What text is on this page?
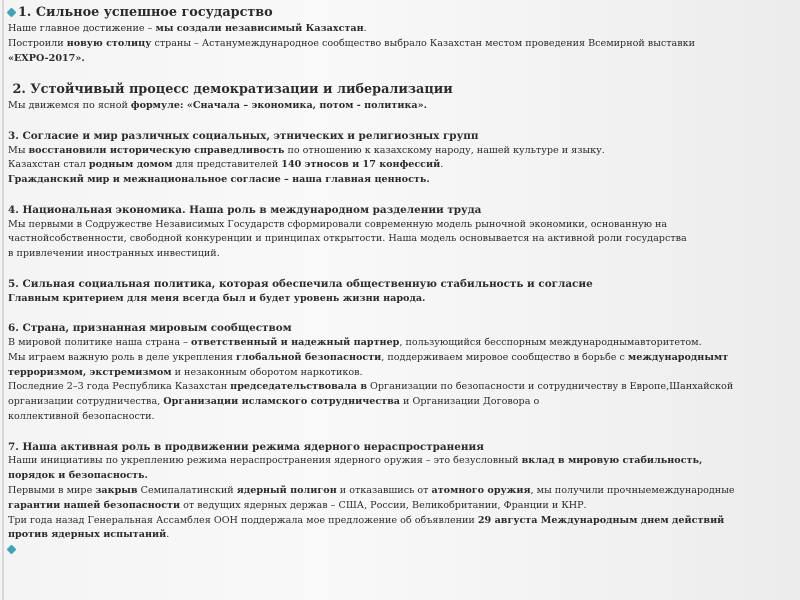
1. Сильное успешное государство
Наше главное достижение – мы создали независимый Казахстан.
Построили новую столицу страны – Астанумеждународное сообщество выбрало Казахстан местом проведения Всемирной выставки
«EXPO-2017».
2. Устойчивый процесс демократизации и либерализации
Мы движемся по ясной формуле: «Сначала – экономика, потом - политика».
3. Согласие и мир различных социальных, этнических и религиозных групп
Мы восстановили историческую справедливость по отношению к казахскому народу, нашей культуре и языку.
Казахстан стал родным домом для представителей 140 этносов и 17 конфессий.
Гражданский мир и межнациональное согласие – наша главная ценность.
4. Национальная экономика. Наша роль в международном разделении труда
Мы первыми в Содружестве Независимых Государств сформировали современную модель рыночной экономики, основанную на
частнойсобственности, свободной конкуренции и принципах открытости. Наша модель основывается на активной роли государства
в привлечении иностранных инвестиций.
5. Сильная социальная политика, которая обеспечила общественную стабильность и согласие
Главным критерием для меня всегда был и будет уровень жизни народа.
6. Страна, признанная мировым сообществом
В мировой политике наша страна – ответственный и надежный партнер, пользующийся бесспорным международнымавторитетом.
Мы играем важную роль в деле укрепления глобальной безопасности, поддерживаем мировое сообщество в борьбе с международнымт
терроризмом, экстремизмом и незаконным оборотом наркотиков.
Последние 2–3 года Республика Казахстан председательствовала в Организации по безопасности и сотрудничеству в Европе,Шанхайской
организации сотрудничества, Организации исламского сотрудничества и Организации Договора о
коллективной безопасности.
7. Наша активная роль в продвижении режима ядерного нераспространения
Наши инициативы по укреплению режима нераспространения ядерного оружия – это безусловный вклад в мировую стабильность,
порядок и безопасность.
Первыми в мире закрыв Семипалатинский ядерный полигон и отказавшись от атомного оружия, мы получили прочныемеждународные
гарантии нашей безопасности от ведущих ядерных держав – США, России, Великобритании, Франции и КНР.
Три года назад Генеральная Ассамблея ООН поддержала мое предложение об объявлении 29 августа Международным днем действий
против ядерных испытаний.
